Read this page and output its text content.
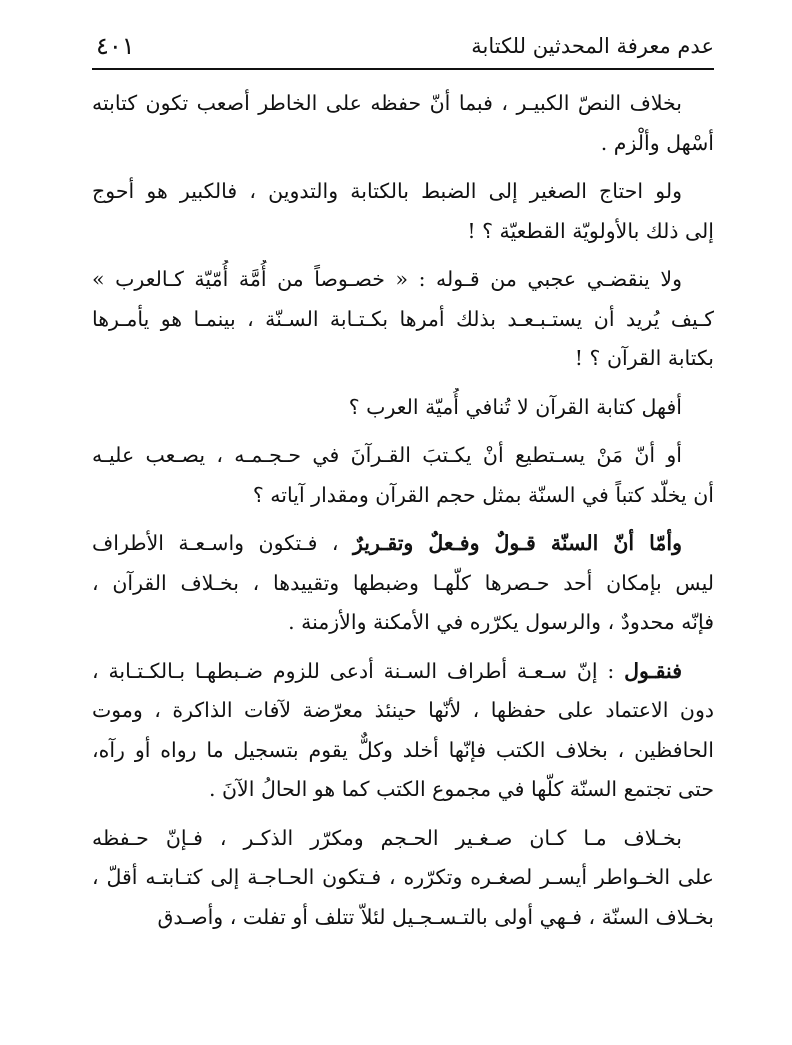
عدم معرفة المحدثين للكتابة
٤٠١
بخلاف النصّ الكبيـر ، فبما أنّ حفظه على الخاطر أصعب تكون كتابته
أسْهل وألْزم .
ولو احتاج الصغير إلى الضبط بالكتابة والتدوين ، فالكبير هو أحوج
إلى ذلك بالأولويّة القطعيّة ؟ !
ولا ينقضـي عجبي من قـوله : « خصـوصاً من أُمَّة أُمّيّة كـالعرب »
كـيف يُريد أن يستـبـعـد بذلك أمرها بكـتـابة السـنّة ، بينمـا هو يأمـرها
بكتابة القرآن ؟ !
أفهل كتابة القرآن لا تُنافي أُميّة العرب ؟
أو أنّ مَنْ يسـتطيع أنْ يكـتبَ القـرآنَ في حـجـمـه ، يصـعب عليـه
أن يخلّد كتباً في السنّة بمثل حجم القرآن ومقدار آياته ؟
وأمّا أنّ السنّة قـولٌ وفـعلٌ وتقـريرٌ ، فـتكون واسـعـة الأطراف
ليس بإمكان أحد حـصرها كلّهـا وضبطها وتقييدها ، بخـلاف القرآن ،
فإنّه محدودٌ ، والرسول يكرّره في الأمكنة والأزمنة .
فنقـول : إنّ سـعـة أطراف السـنة أدعى للزوم ضـبطهـا بـالكـتـابة ،
دون الاعتماد على حفظها ، لأنّها حينئذ معرّضة لآفات الذاكرة ، وموت
الحافظين ، بخلاف الكتب فإنّها أخلد وكلٌّ يقوم بتسجيل ما رواه أو رآه،
حتى تجتمع السنّة كلّها في مجموع الكتب كما هو الحالُ الآنَ .
بخـلاف مـا كـان صـغـير الحـجم ومكرّر الذكـر ، فـإنّ حـفظه
على الخـواطر أيسـر لصغـره وتكرّره ، فـتكون الحـاجـة إلى كتـابتـه أقلّ ،
بخـلاف السنّة ، فـهي أولى بالتـسـجـيل لئلاّ تتلف أو تفلت ، وأصـدق
